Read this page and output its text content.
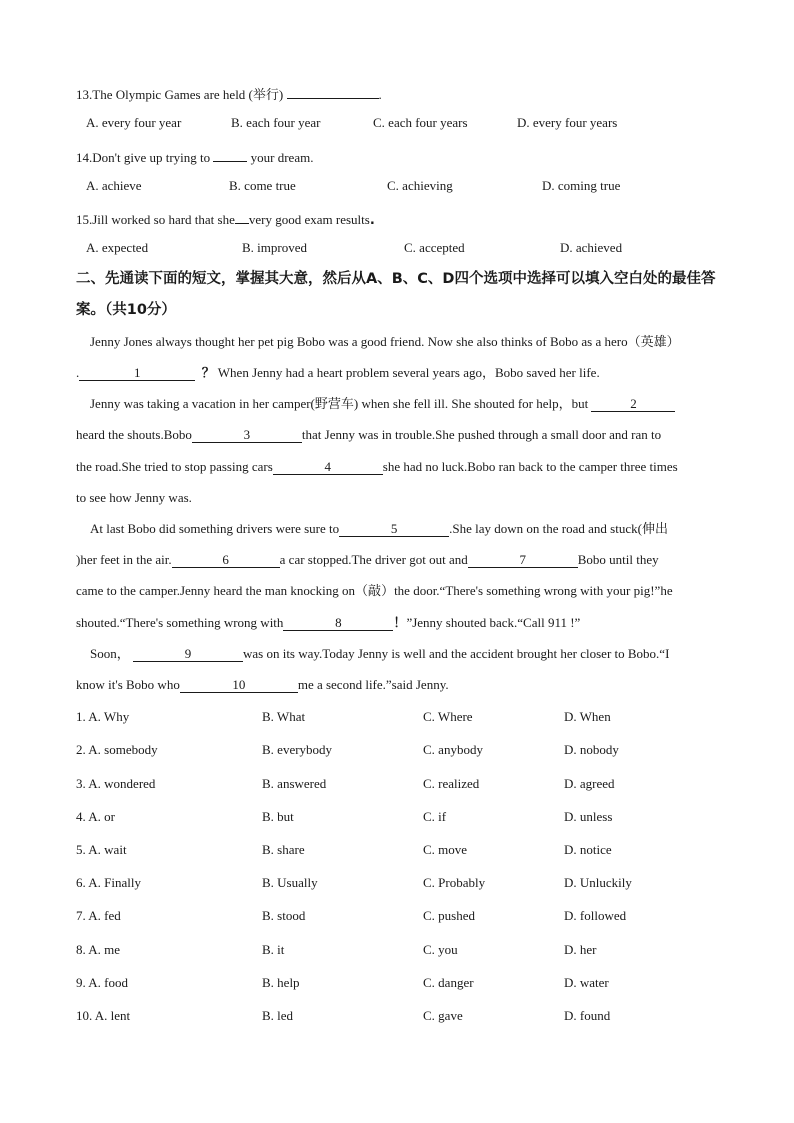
13.The Olympic Games are held (举行)	.
A. every four year	B. each four year	C. each four years	D. every four years
14.Don't give up trying to	your dream.
A. achieve	B. come true	C. achieving	D. coming true
15.Jill worked so hard that she very good exam results.
A. expected	B. improved	C. accepted	D. achieved
二、先通读下面的短文，掌握其大意，然后从A、B、C、D四个选项中选择可以填入空白处的最佳答案。（共10分）
Jenny Jones always thought her pet pig Bobo was a good friend. Now she also thinks of Bobo as a hero（英雄）
.	1	？ When Jenny had a heart problem several years ago，Bobo saved her life.
Jenny was taking a vacation in her camper(野营车) when she fell ill. She shouted for help，but	2
heard the shouts.Bobo	3	that Jenny was in trouble.She pushed through a small door and ran to
the road.She tried to stop passing cars	4	she had no luck.Bobo ran back to the camper three times
to see how Jenny was.
At last Bobo did something drivers were sure to	5	.She lay down on the road and stuck(伸出
)her feet in the air.	6	a car stopped.The driver got out and	7	Bobo until they
came to the camper.Jenny heard the man knocking on（敲）the door.“There's something wrong with your pig!”he
shouted.“There's something wrong with	8	！”Jenny shouted back.“Call 911 !”
Soon，	9	was on its way.Today Jenny is well and the accident brought her closer to Bobo.“I
know it's Bobo who	10	me a second life.”said Jenny.
1. A. Why	B. What	C. Where	D. When
2. A. somebody	B. everybody	C. anybody	D. nobody
3. A. wondered	B. answered	C. realized	D. agreed
4. A. or	B. but	C. if	D. unless
5. A. wait	B. share	C. move	D. notice
6. A. Finally	B. Usually	C. Probably	D. Unluckily
7. A. fed	B. stood	C. pushed	D. followed
8. A. me	B. it	C. you	D. her
9. A. food	B. help	C. danger	D. water
10. A. lent	B. led	C. gave	D. found
